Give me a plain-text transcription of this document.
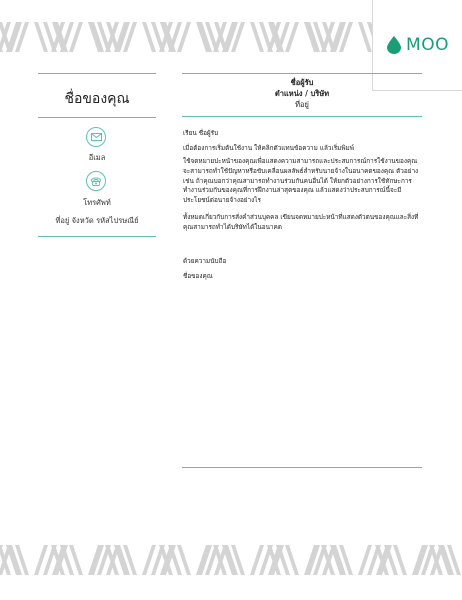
MOO
ชื่อของคุณ
อีเมล
โทรศัพท์
ที่อยู่ จังหวัด รหัสไปรษณีย์
ชื่อผู้รับ
ตำแหน่ง / บริษัท
ที่อยู่
เรียน ชื่อผู้รับ
เมื่อต้องการเริ่มต้นใช้งาน ให้คลิกตัวแทนข้อความ แล้วเริ่มพิมพ์
ใช้จดหมายปะหน้าของคุณเพื่อแสดงความสามารถและประสบการณ์การใช้งานของคุณจะสามารถทำใช้ปัญหาหรือขับเคลื่อนผลลัพธ์สำหรับนายจ้างในอนาคตของคุณ ตัวอย่างเช่น ถ้าคุณบอกว่าคุณสามารถทำงานร่วมกันคนอื่นได้ ให้ยกตัวอย่างการใช้ทักษะการทำงานร่วมกันของคุณที่การฝึกงานล่าสุดของคุณ แล้วแสดงว่าประสบการณ์นี้จะมีประโยชน์ต่อนายจ้างอย่างไร
ทั้งหมดเกี่ยวกับการสั่งคำส่วนบุคคล เขียนจดหมายปะหน้าที่แสดงตัวตนของคุณและสิ่งที่คุณสามารถทำได้บริษัทได้ในอนาคต
ด้วยความนับถือ
ชื่อของคุณ
